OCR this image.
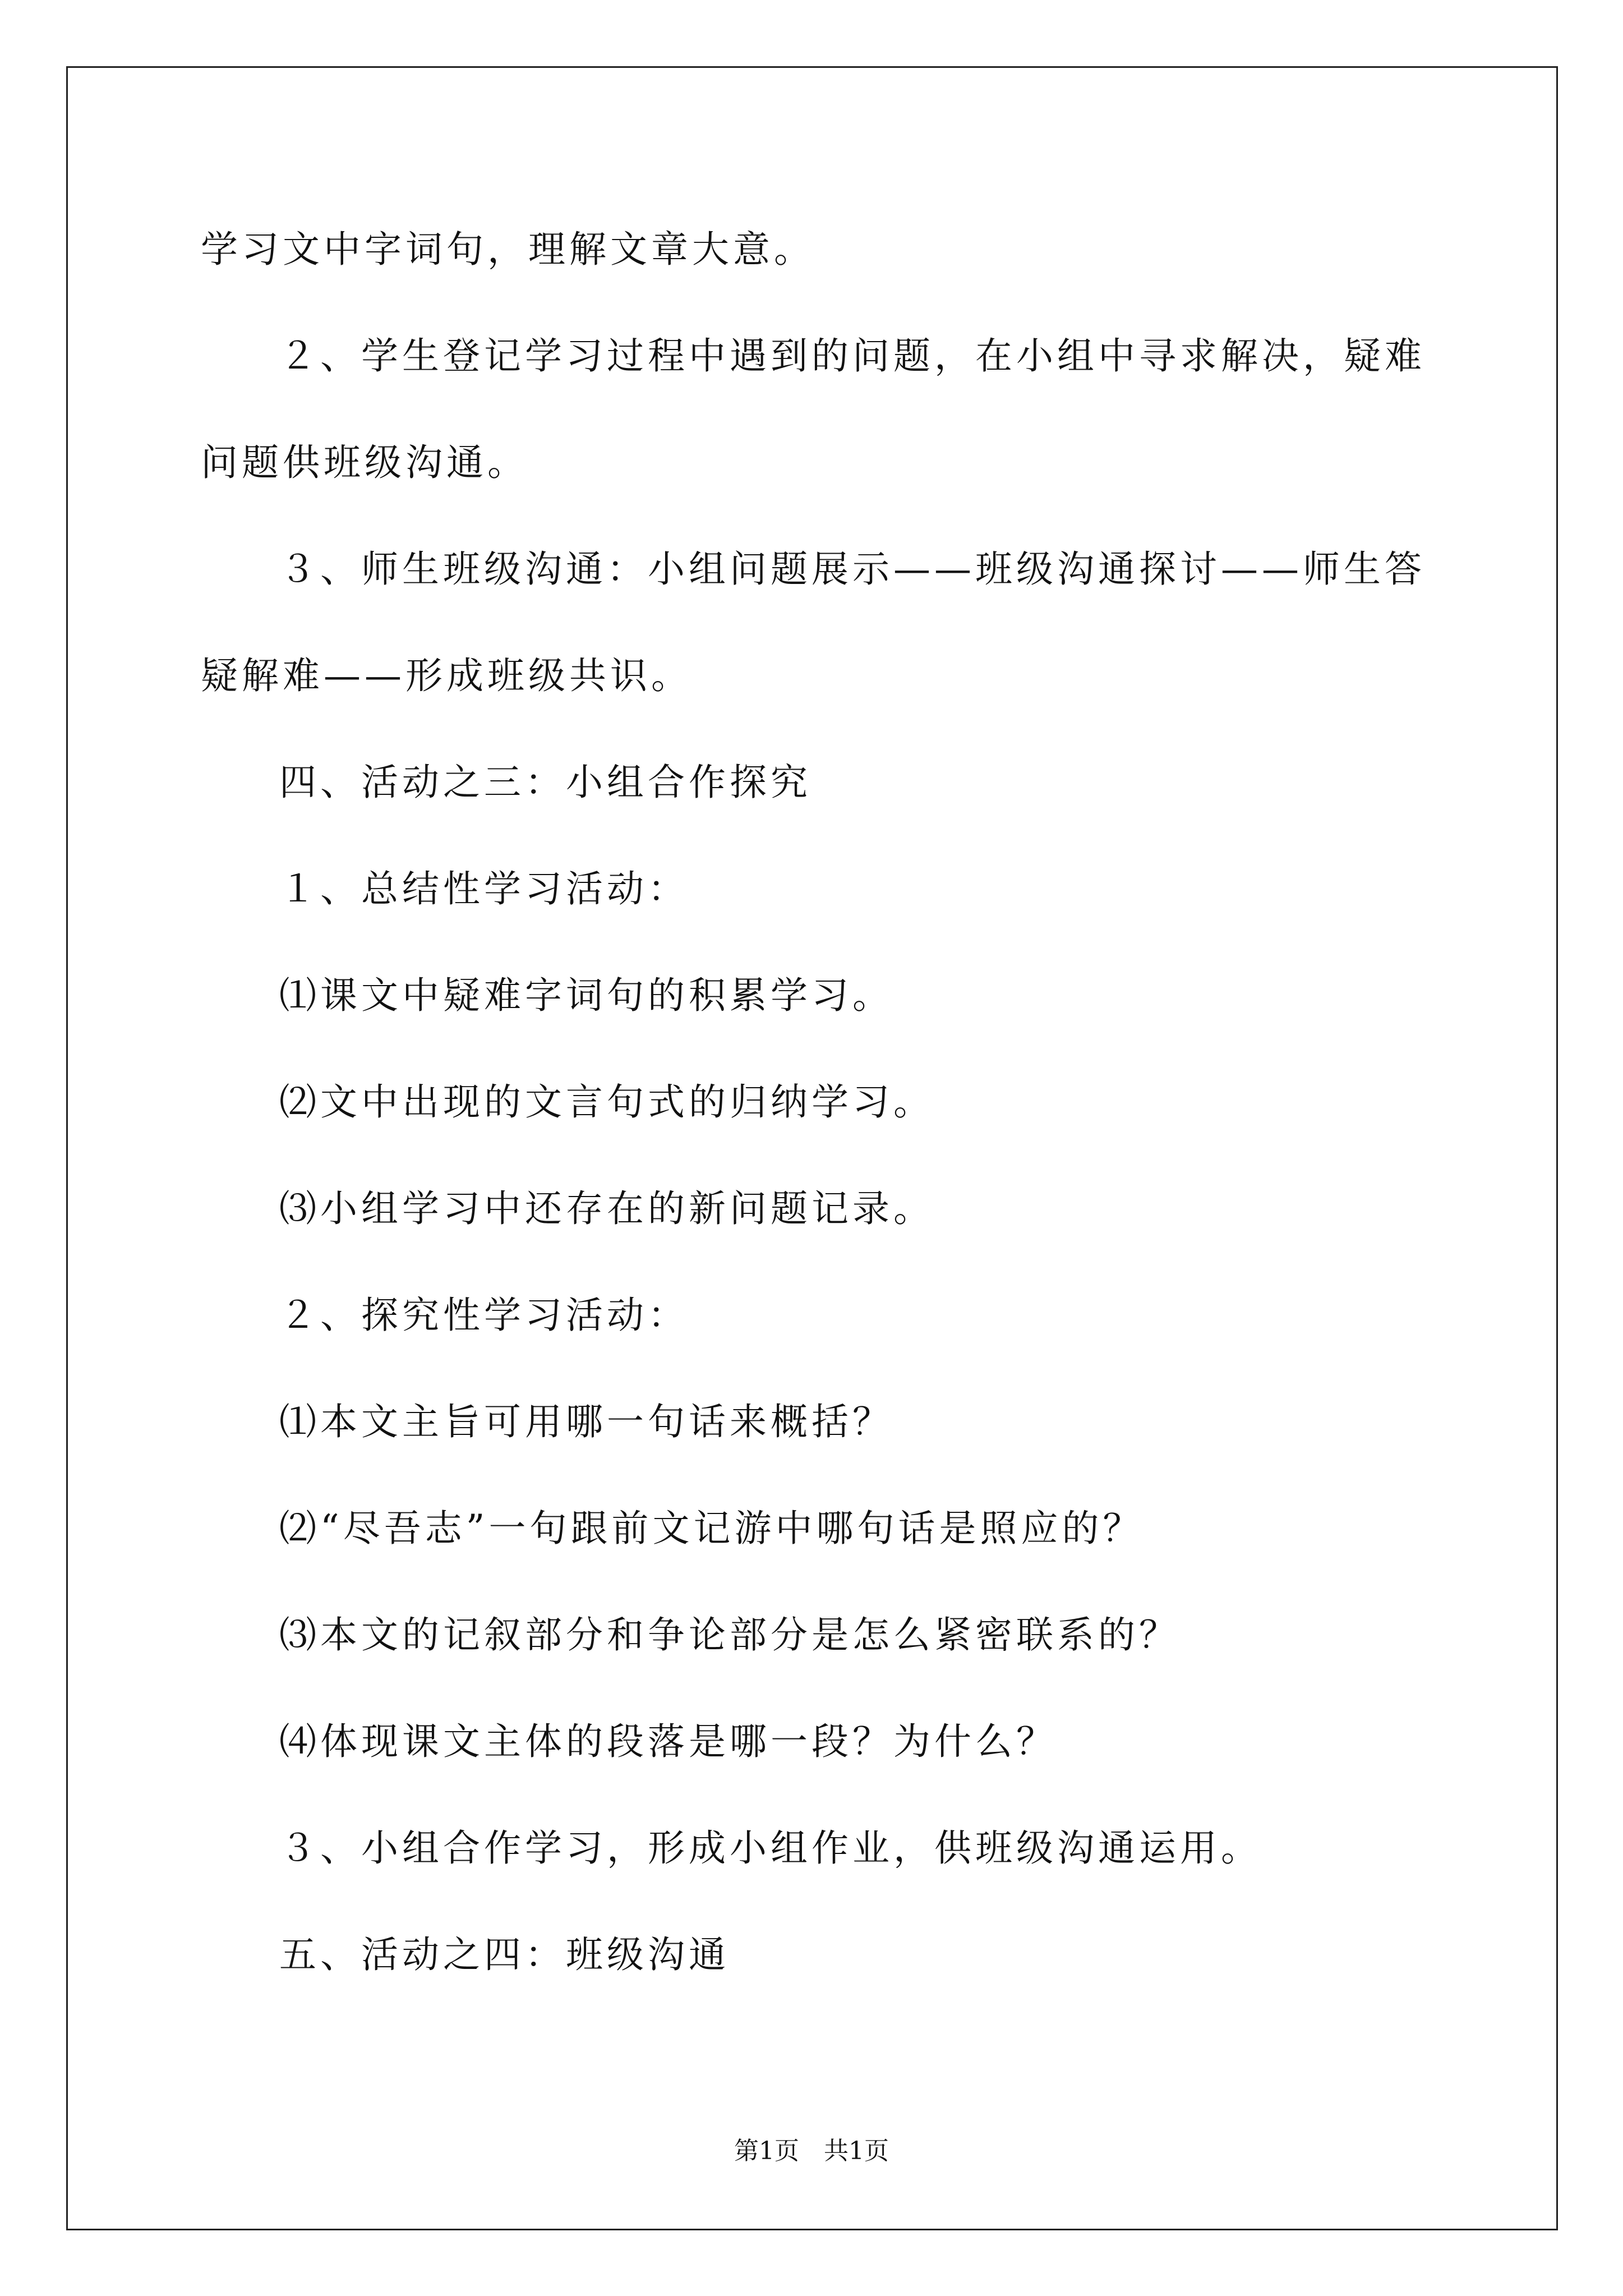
学习文中字词句，理解文章大意。
２、学生登记学习过程中遇到的问题，在小组中寻求解决，疑难
问题供班级沟通。
３、师生班级沟通：小组问题展示——班级沟通探讨——师生答
疑解难——形成班级共识。
四、活动之三：小组合作探究
１、总结性学习活动：
⑴课文中疑难字词句的积累学习。
⑵文中出现的文言句式的归纳学习。
⑶小组学习中还存在的新问题记录。
２、探究性学习活动：
⑴本文主旨可用哪一句话来概括？
⑵“尽吾志”一句跟前文记游中哪句话是照应的？
⑶本文的记叙部分和争论部分是怎么紧密联系的？
⑷体现课文主体的段落是哪一段？为什么？
３、小组合作学习，形成小组作业，供班级沟通运用。
五、活动之四：班级沟通
第1页　共1页
